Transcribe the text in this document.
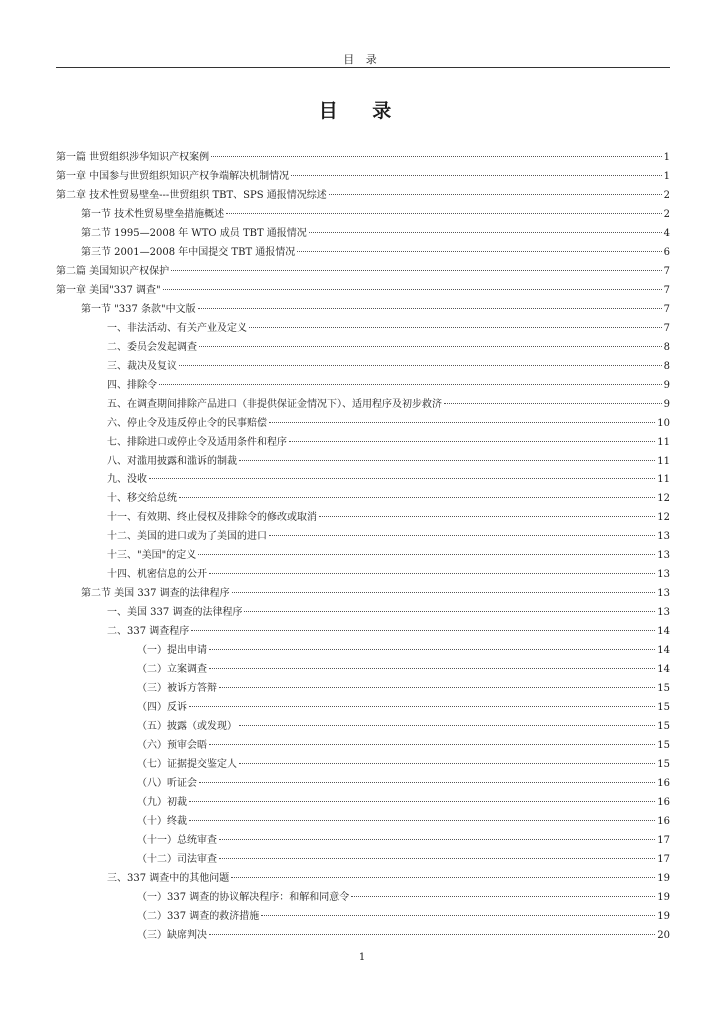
目 录
目 录
第一篇 世贸组织涉华知识产权案例	1
第一章 中国参与世贸组织知识产权争端解决机制情况	1
第二章 技术性贸易壁垒---世贸组织 TBT、SPS 通报情况综述	2
第一节 技术性贸易壁垒措施概述	2
第二节 1995—2008 年 WTO 成员 TBT 通报情况	4
第三节 2001—2008 年中国提交 TBT 通报情况	6
第二篇 美国知识产权保护	7
第一章 美国"337 调查"	7
第一节 "337 条款"中文版	7
一、非法活动、有关产业及定义	7
二、委员会发起调查	8
三、裁决及复议	8
四、排除令	9
五、在调查期间排除产品进口（非提供保证金情况下）、适用程序及初步救济	9
六、停止令及违反停止令的民事赔偿	10
七、排除进口或停止令及适用条件和程序	11
八、对滥用披露和滥诉的制裁	11
九、没收	11
十、移交给总统	12
十一、有效期、终止侵权及排除令的修改或取消	12
十二、美国的进口或为了美国的进口	13
十三、"美国"的定义	13
十四、机密信息的公开	13
第二节 美国 337 调查的法律程序	13
一、美国 337 调查的法律程序	13
二、337 调查程序	14
（一）提出申请	14
（二）立案调查	14
（三）被诉方答辩	15
（四）反诉	15
（五）披露（或发现）	15
（六）预审会晤	15
（七）证据提交鉴定人	15
（八）听证会	16
（九）初裁	16
（十）终裁	16
（十一）总统审查	17
（十二）司法审查	17
三、337 调查中的其他问题	19
（一）337 调查的协议解决程序：和解和同意令	19
（二）337 调查的救济措施	19
（三）缺席判决	20
1
